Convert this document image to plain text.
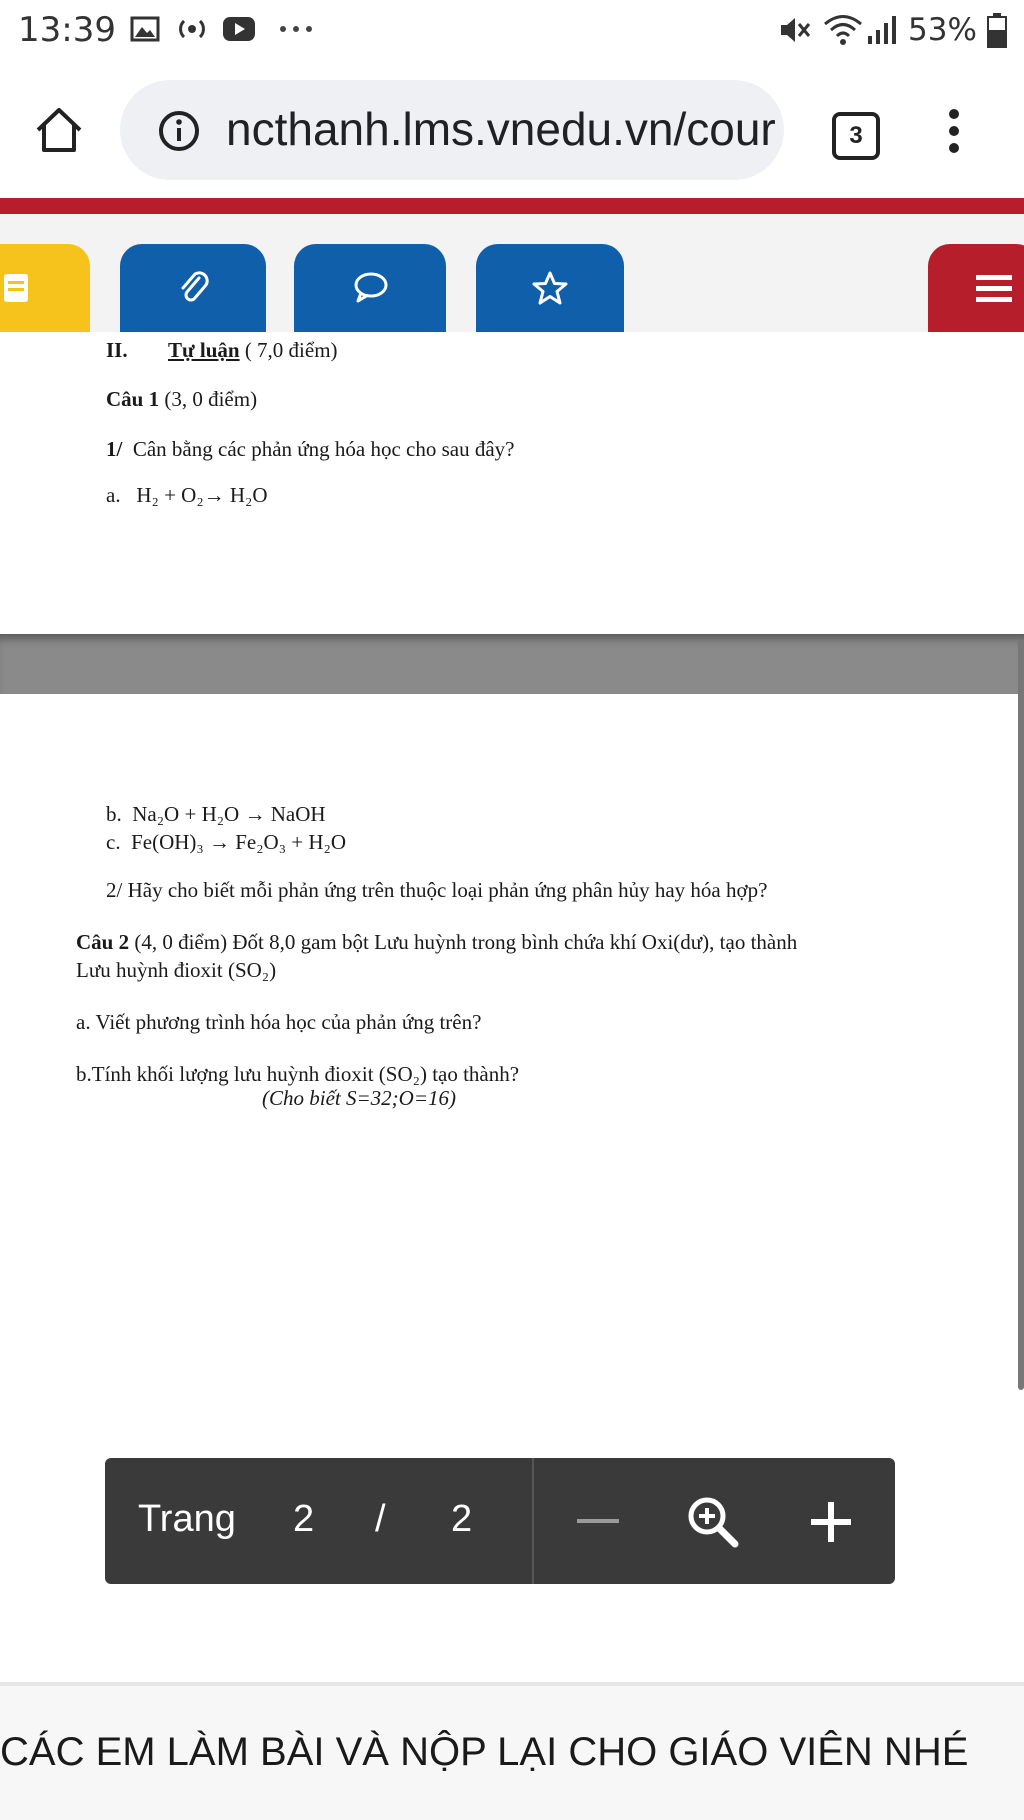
13:39	53%
ncthanh.lms.vnedu.vn/cour	3
II. Tự luận ( 7,0 điểm)
Câu 1 (3, 0 điểm)
1/ Cân bằng các phản ứng hóa học cho sau đây?
a. H₂ + O₂→ H₂O
b. Na₂O + H₂O → NaOH
c. Fe(OH)₃ → Fe₂O₃ + H₂O
2/ Hãy cho biết mỗi phản ứng trên thuộc loại phản ứng phân hủy hay hóa hợp?
Câu 2 (4, 0 điểm) Đốt 8,0 gam bột Lưu huỳnh trong bình chứa khí Oxi(dư), tạo thành
Lưu huỳnh đioxit (SO₂)
a. Viết phương trình hóa học của phản ứng trên?
b.Tính khối lượng lưu huỳnh đioxit (SO₂) tạo thành?
(Cho biết S=32;O=16)
Trang 2 / 2
CÁC EM LÀM BÀI VÀ NỘP LẠI CHO GIÁO VIÊN NHÉ
